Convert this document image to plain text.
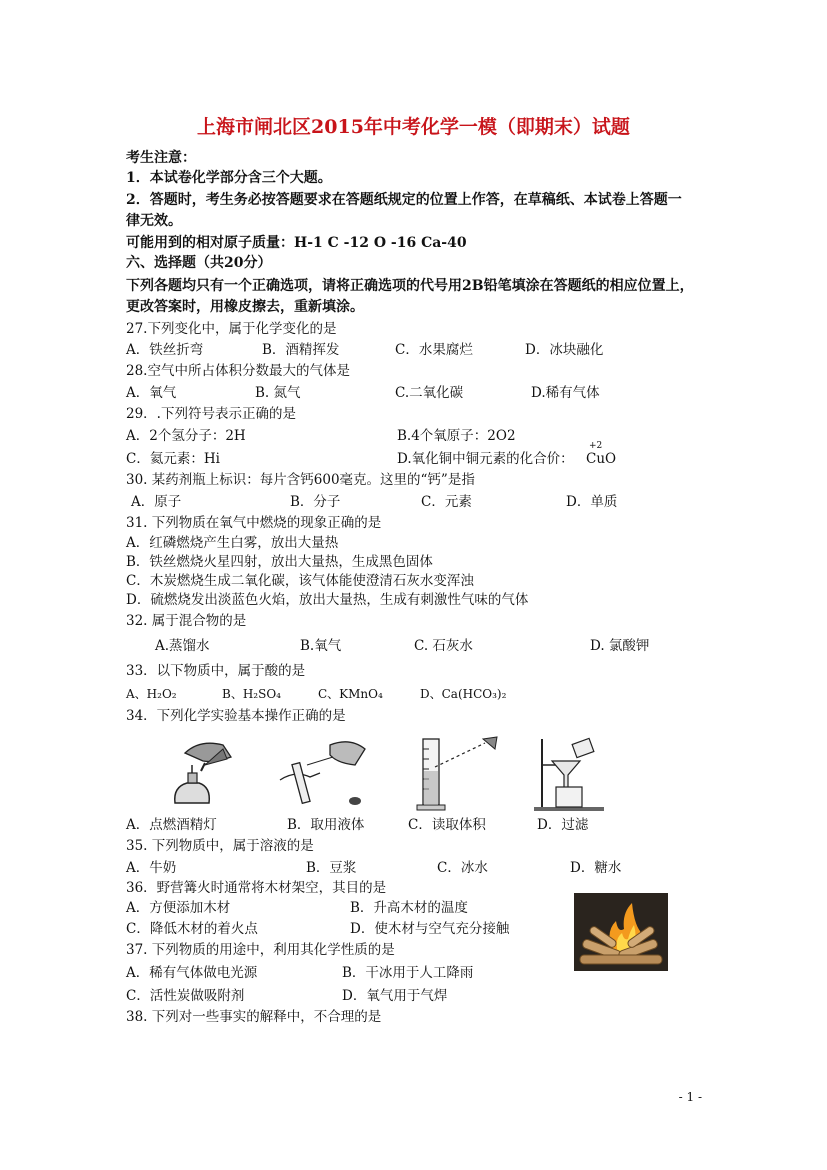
上海市闸北区2015年中考化学一模（即期末）试题
考生注意：
1．本试卷化学部分含三个大题。
2．答题时，考生务必按答题要求在答题纸规定的位置上作答，在草稿纸、本试卷上答题一
律无效。
可能用到的相对原子质量：H-1 C -12 O -16 Ca-40
六、选择题（共20分）
下列各题均只有一个正确选项，请将正确选项的代号用2B铅笔填涂在答题纸的相应位置上，
更改答案时，用橡皮擦去，重新填涂。
27.下列变化中，属于化学变化的是
A．铁丝折弯	B．酒精挥发	C．水果腐烂	D．冰块融化
28.空气中所占体积分数最大的气体是
A．氧气	B. 氮气	C.二氧化碳	D.稀有气体
29．.下列符号表示正确的是
A．2个氢分子：2H	B.4个氧原子：2O2
C．氦元素：Hi	D.氧化铜中铜元素的化合价：
+2
CuO
30. 某药剂瓶上标识：每片含钙600毫克。这里的“钙”是指
A．原子	B．分子	C．元素	D．单质
31. 下列物质在氧气中燃烧的现象正确的是
A．红磷燃烧产生白雾，放出大量热
B．铁丝燃烧火星四射，放出大量热，生成黑色固体
C．木炭燃烧生成二氧化碳，该气体能使澄清石灰水变浑浊
D．硫燃烧发出淡蓝色火焰，放出大量热，生成有刺激性气味的气体
32. 属于混合物的是
A.蒸馏水	B.氧气	C. 石灰水	D. 氯酸钾
33．以下物质中，属于酸的是
A、H₂O₂	B、H₂SO₄	C、KMnO₄	D、Ca(HCO₃)₂
34．下列化学实验基本操作正确的是
A．点燃酒精灯	B．取用液体	C．读取体积	D．过滤
35. 下列物质中，属于溶液的是
A．牛奶	B．豆浆	C．冰水	D．糖水
36．野营篝火时通常将木材架空，其目的是
A．方便添加木材	B．升高木材的温度
C．降低木材的着火点	D．使木材与空气充分接触
37. 下列物质的用途中，利用其化学性质的是
A．稀有气体做电光源	B．干冰用于人工降雨
C．活性炭做吸附剂	D．氧气用于气焊
38. 下列对一些事实的解释中，不合理的是
- 1 -
